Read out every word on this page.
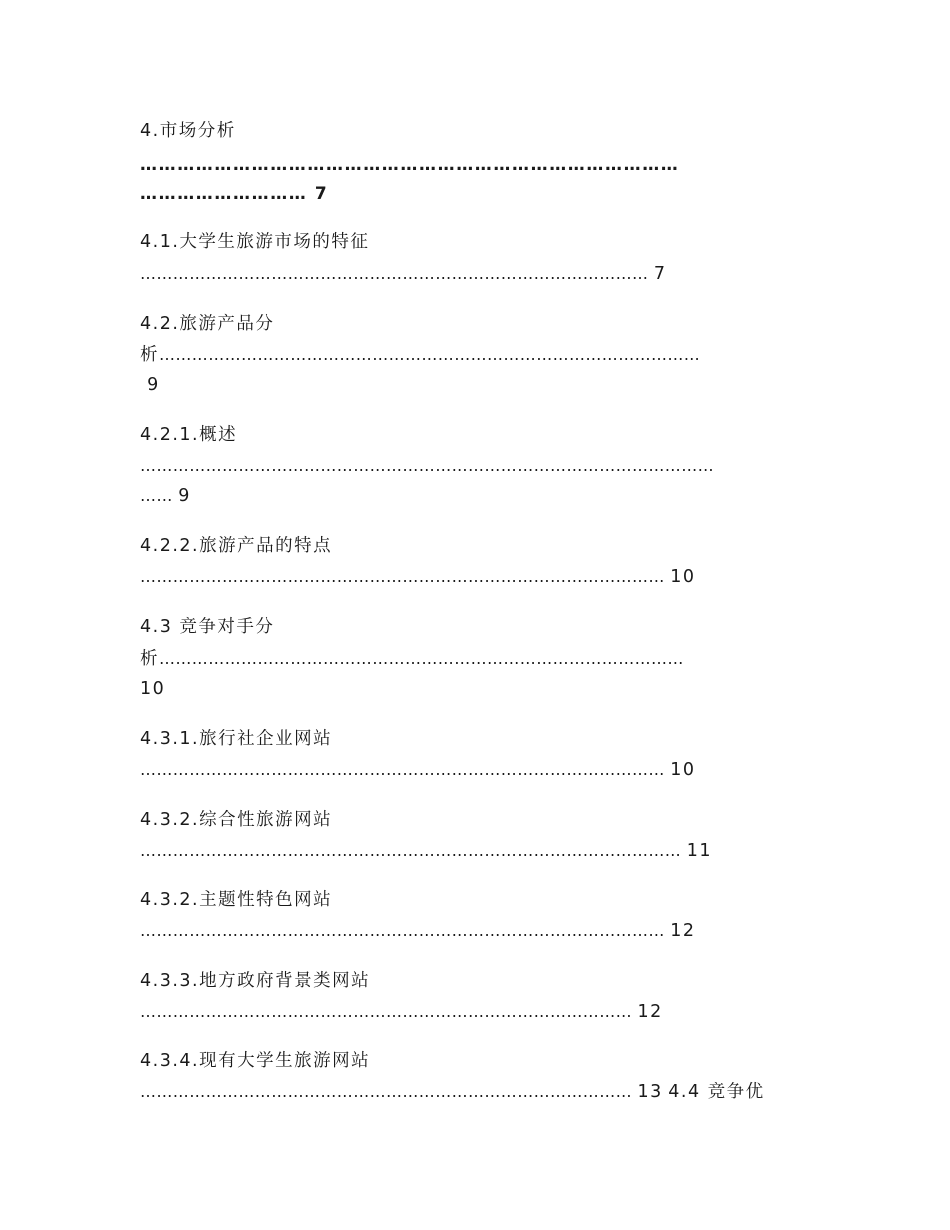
4.市场分析
……………………………………………………………………………
……………………… 7
4.1.大学生旅游市场的特征
………………………………………………………………………………… 7
4.2.旅游产品分
析………………………………………………………………………………………
9
4.2.1.概述
……………………………………………………………………………………………
…… 9
4.2.2.旅游产品的特点
…………………………………………………………………………………… 10
4.3 竞争对手分
析……………………………………………………………………………………
10
4.3.1.旅行社企业网站
…………………………………………………………………………………… 10
4.3.2.综合性旅游网站
……………………………………………………………………………………… 11
4.3.2.主题性特色网站
…………………………………………………………………………………… 12
4.3.3.地方政府背景类网站
……………………………………………………………………………… 12
4.3.4.现有大学生旅游网站
……………………………………………………………………………… 13 4.4 竞争优
